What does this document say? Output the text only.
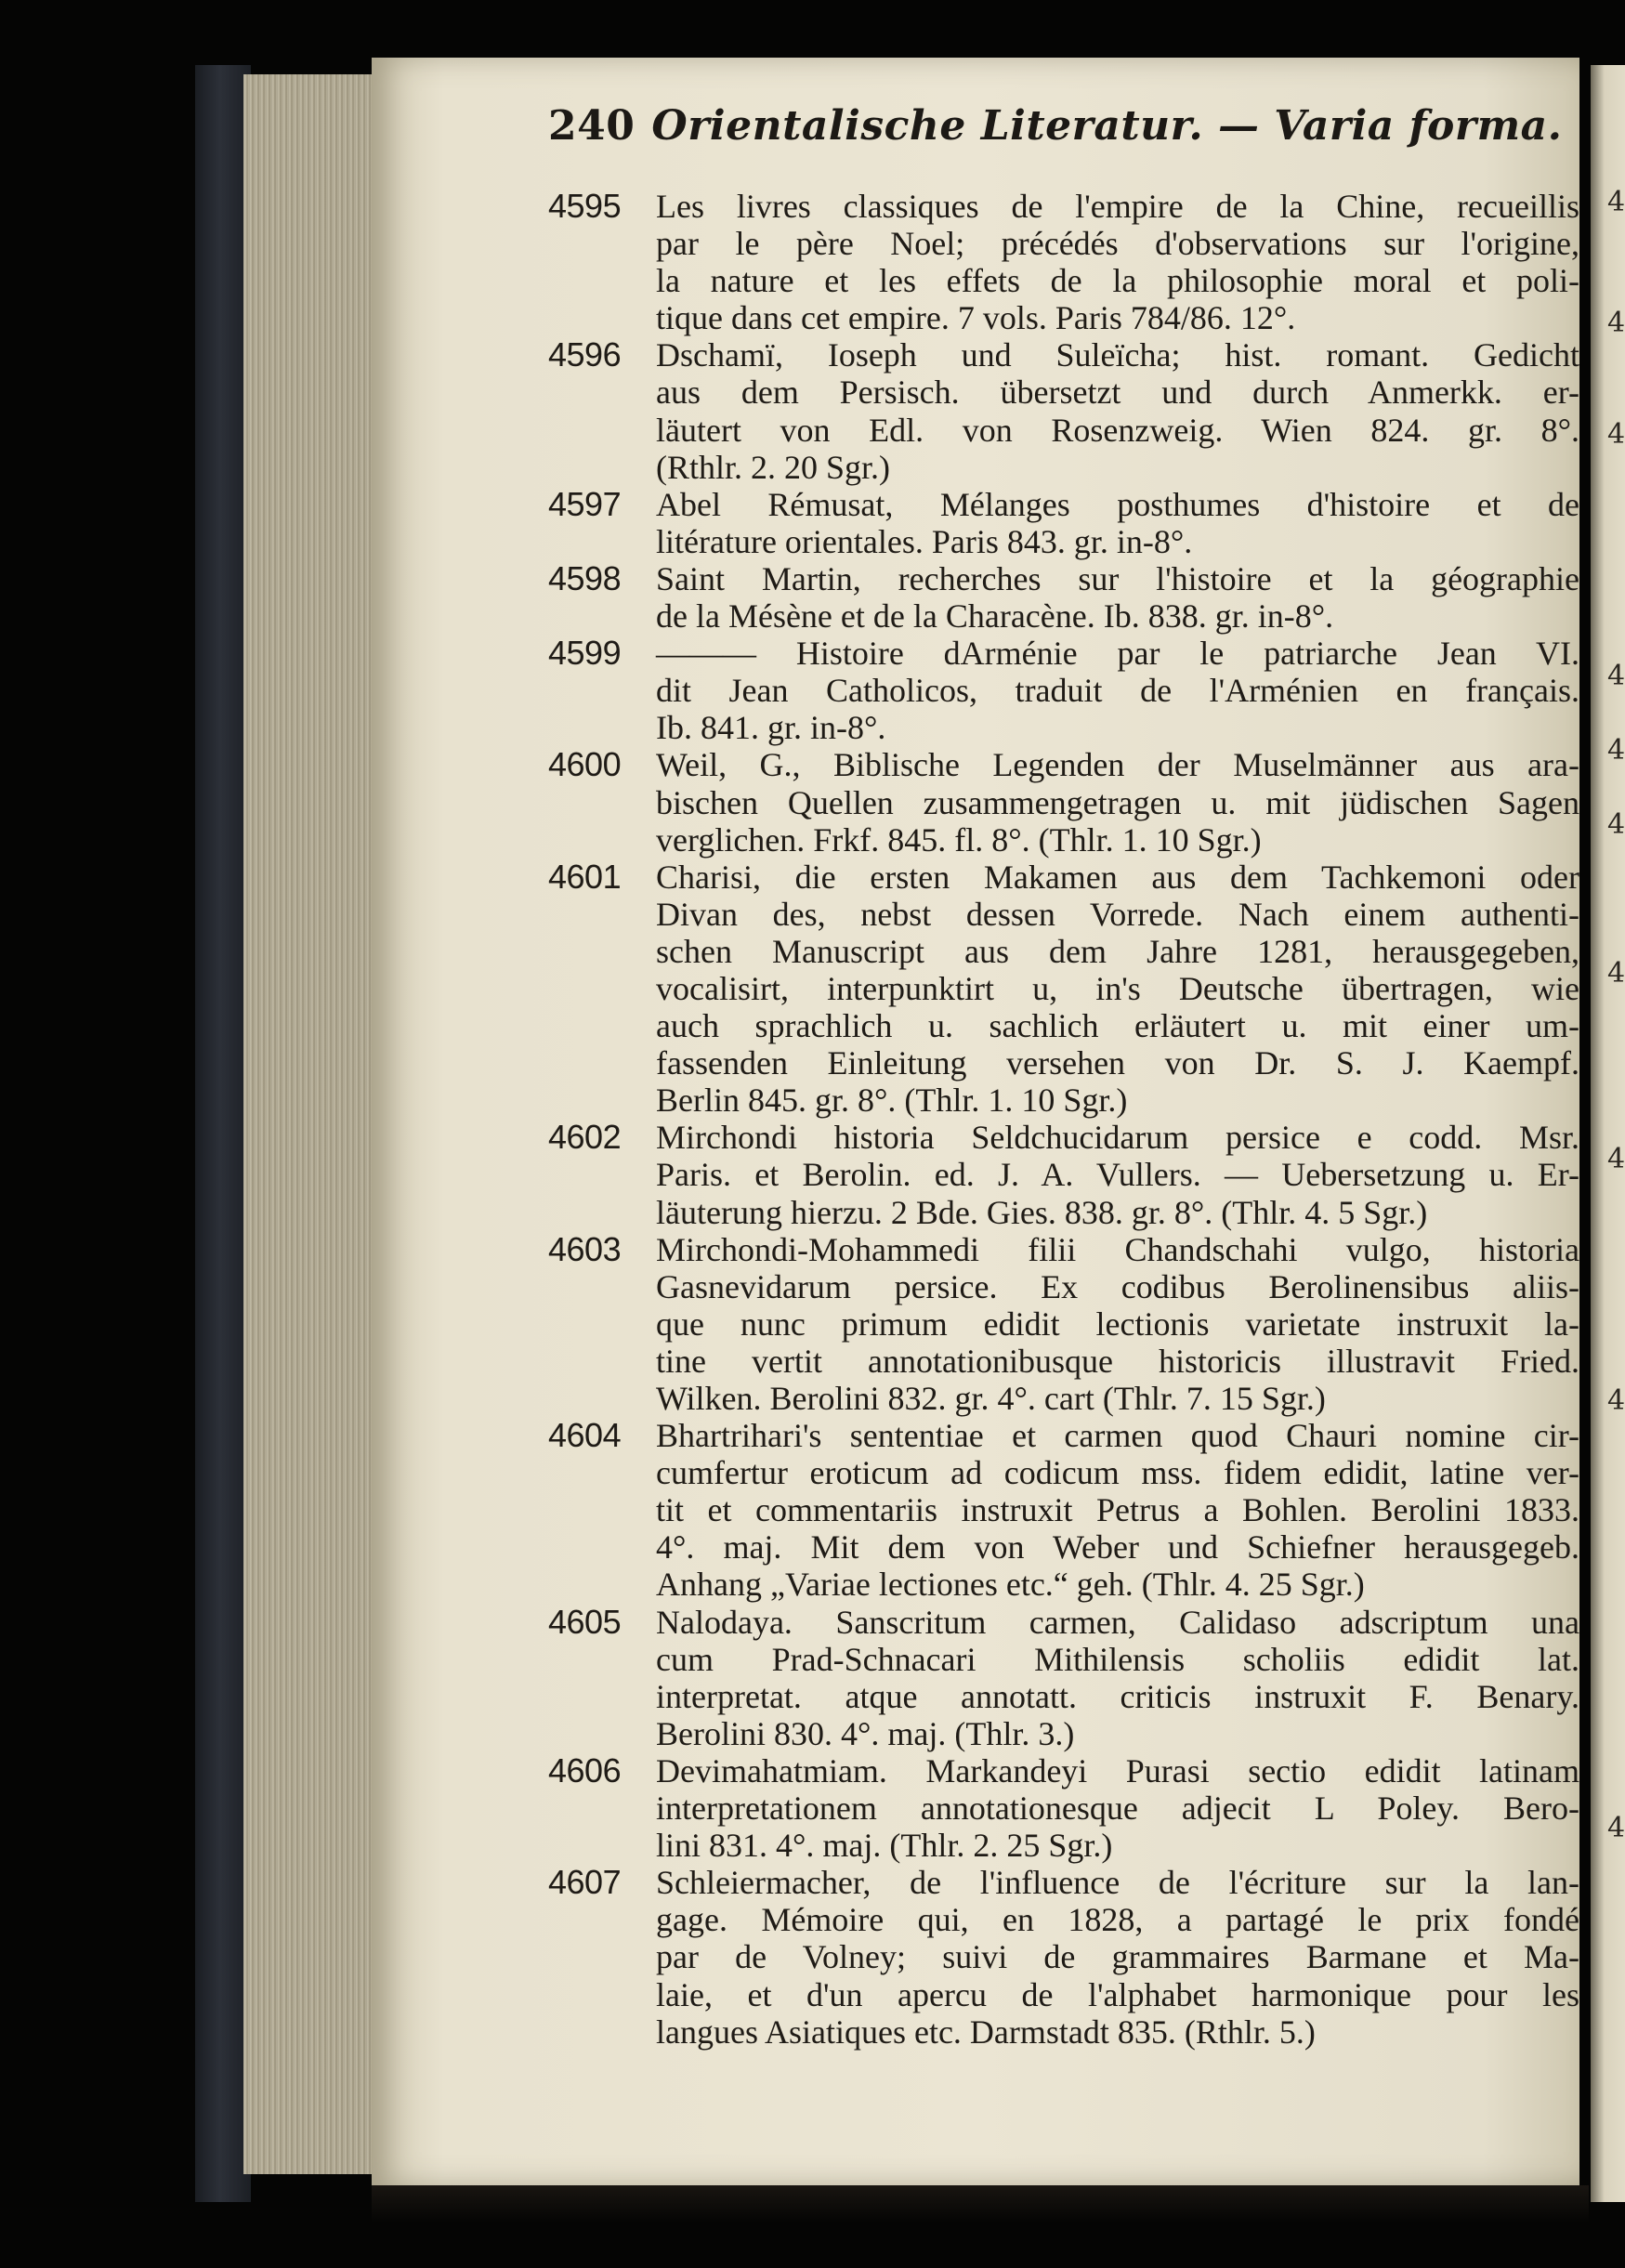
4
4
4
4
4
4
4
4
4
4
240 Orientalische Literatur. — Varia forma.
4595	Les livres classiques de l'empire de la Chine, recueillis
par le père Noel; précédés d'observations sur l'origine,
la nature et les effets de la philosophie moral et poli-
tique dans cet empire. 7 vols. Paris 784/86. 12°.
4596	Dschamï, Ioseph und Suleïcha; hist. romant. Gedicht
aus dem Persisch. übersetzt und durch Anmerkk. er-
läutert von Edl. von Rosenzweig. Wien 824. gr. 8°.
(Rthlr. 2. 20 Sgr.)
4597	Abel Rémusat, Mélanges posthumes d'histoire et de
litérature orientales. Paris 843. gr. in-8°.
4598	Saint Martin, recherches sur l'histoire et la géographie
de la Mésène et de la Characène. Ib. 838. gr. in-8°.
4599	——— Histoire dArménie par le patriarche Jean VI.
dit Jean Catholicos, traduit de l'Arménien en français.
Ib. 841. gr. in-8°.
4600	Weil, G., Biblische Legenden der Muselmänner aus ara-
bischen Quellen zusammengetragen u. mit jüdischen Sagen
verglichen. Frkf. 845. fl. 8°. (Thlr. 1. 10 Sgr.)
4601	Charisi, die ersten Makamen aus dem Tachkemoni oder
Divan des, nebst dessen Vorrede. Nach einem authenti-
schen Manuscript aus dem Jahre 1281, herausgegeben,
vocalisirt, interpunktirt u, in's Deutsche übertragen, wie
auch sprachlich u. sachlich erläutert u. mit einer um-
fassenden Einleitung versehen von Dr. S. J. Kaempf.
Berlin 845. gr. 8°. (Thlr. 1. 10 Sgr.)
4602	Mirchondi historia Seldchucidarum persice e codd. Msr.
Paris. et Berolin. ed. J. A. Vullers. — Uebersetzung u. Er-
läuterung hierzu. 2 Bde. Gies. 838. gr. 8°. (Thlr. 4. 5 Sgr.)
4603	Mirchondi-Mohammedi filii Chandschahi vulgo, historia
Gasnevidarum persice. Ex codibus Berolinensibus aliis-
que nunc primum edidit lectionis varietate instruxit la-
tine vertit annotationibusque historicis illustravit Fried.
Wilken. Berolini 832. gr. 4°. cart (Thlr. 7. 15 Sgr.)
4604	Bhartrihari's sententiae et carmen quod Chauri nomine cir-
cumfertur eroticum ad codicum mss. fidem edidit, latine ver-
tit et commentariis instruxit Petrus a Bohlen. Berolini 1833.
4°. maj. Mit dem von Weber und Schiefner herausgegeb.
Anhang „Variae lectiones etc.“ geh. (Thlr. 4. 25 Sgr.)
4605	Nalodaya. Sanscritum carmen, Calidaso adscriptum una
cum Prad-Schnacari Mithilensis scholiis edidit lat.
interpretat. atque annotatt. criticis instruxit F. Benary.
Berolini 830. 4°. maj. (Thlr. 3.)
4606	Devimahatmiam. Markandeyi Purasi sectio edidit latinam
interpretationem annotationesque adjecit L Poley. Bero-
lini 831. 4°. maj. (Thlr. 2. 25 Sgr.)
4607	Schleiermacher, de l'influence de l'écriture sur la lan-
gage. Mémoire qui, en 1828, a partagé le prix fondé
par de Volney; suivi de grammaires Barmane et Ma-
laie, et d'un apercu de l'alphabet harmonique pour les
langues Asiatiques etc. Darmstadt 835. (Rthlr. 5.)
